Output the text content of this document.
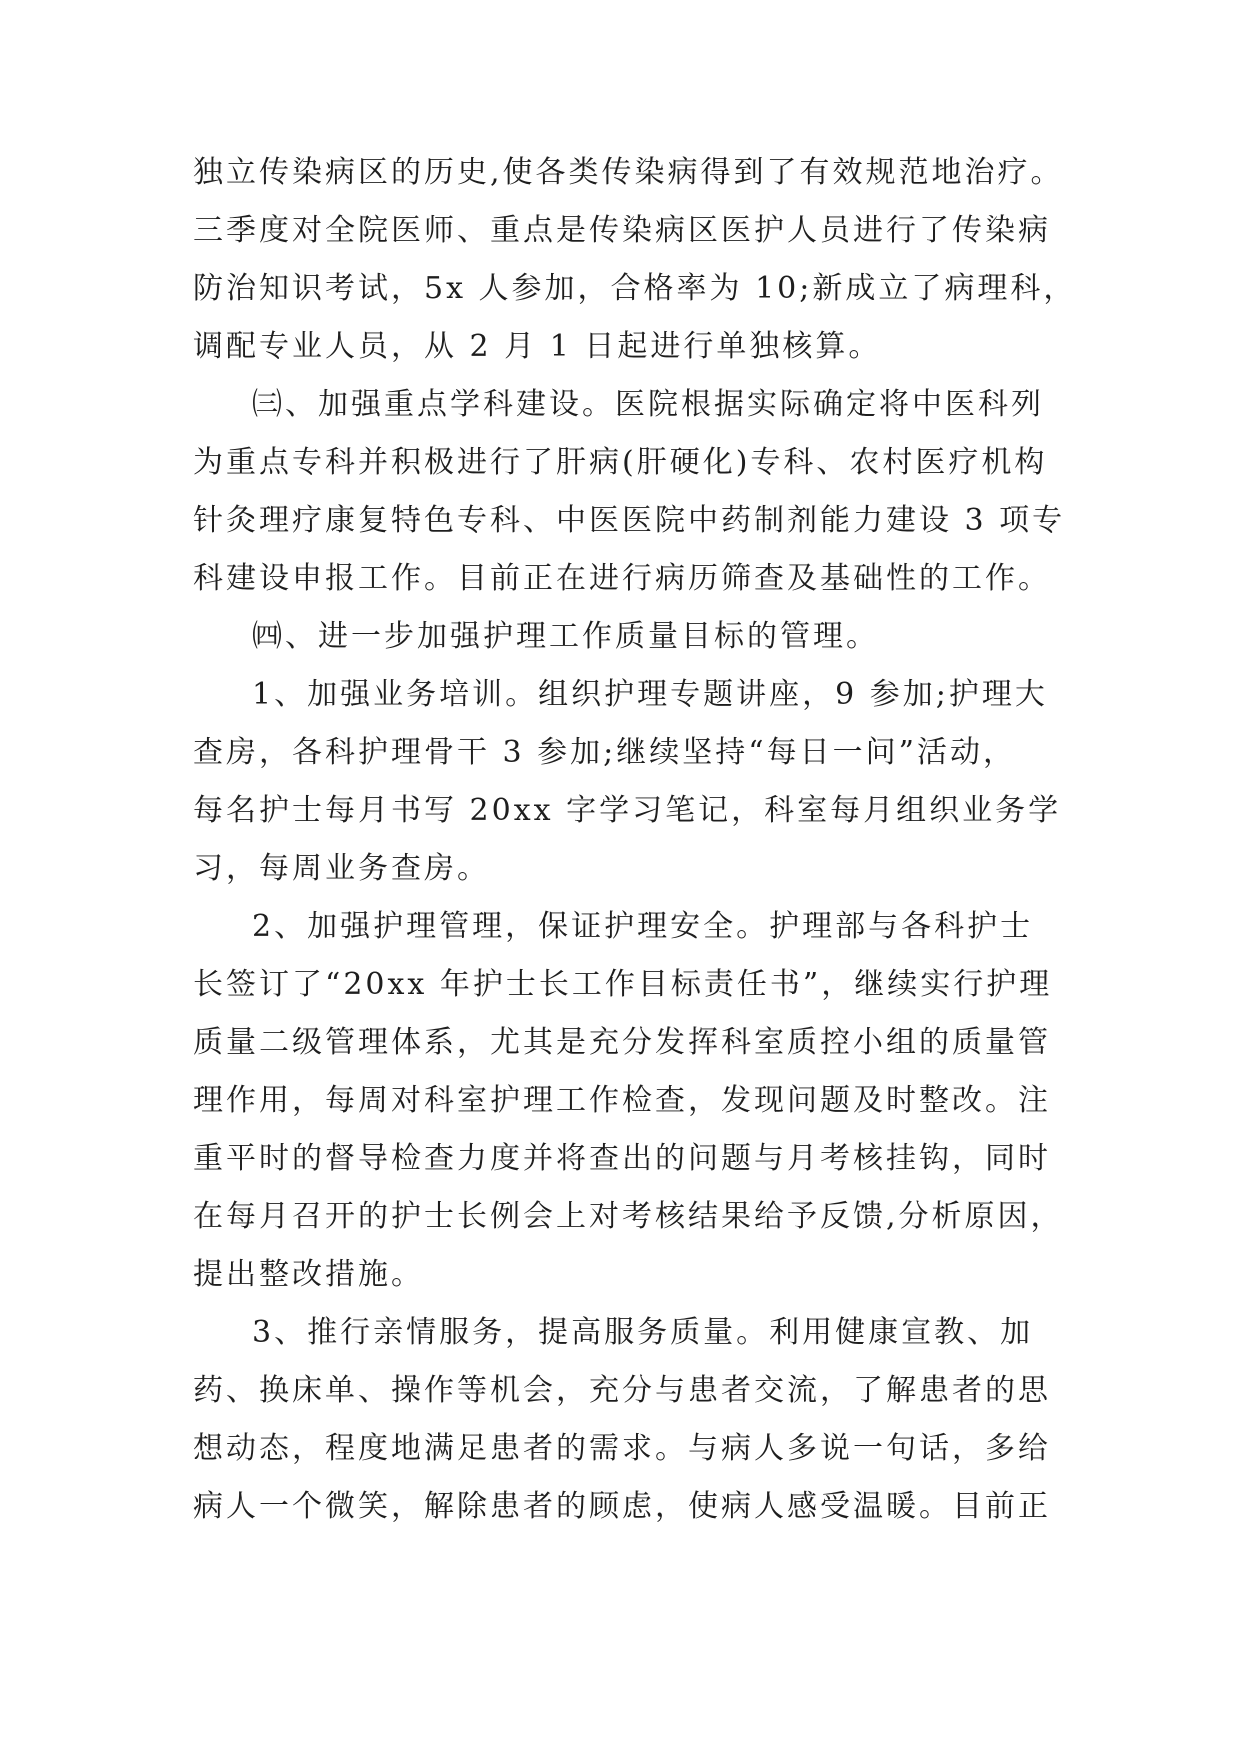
独立传染病区的历史,使各类传染病得到了有效规范地治疗。
三季度对全院医师、重点是传染病区医护人员进行了传染病
防治知识考试，5x 人参加，合格率为 10;新成立了病理科，
调配专业人员，从 2 月 1 日起进行单独核算。
㈢、加强重点学科建设。医院根据实际确定将中医科列
为重点专科并积极进行了肝病(肝硬化)专科、农村医疗机构
针灸理疗康复特色专科、中医医院中药制剂能力建设 3 项专
科建设申报工作。目前正在进行病历筛查及基础性的工作。
㈣、进一步加强护理工作质量目标的管理。
1、加强业务培训。组织护理专题讲座，9 参加;护理大
查房，各科护理骨干 3 参加;继续坚持“每日一问”活动，
每名护士每月书写 20xx 字学习笔记，科室每月组织业务学
习，每周业务查房。
2、加强护理管理，保证护理安全。护理部与各科护士
长签订了“20xx 年护士长工作目标责任书”，继续实行护理
质量二级管理体系，尤其是充分发挥科室质控小组的质量管
理作用，每周对科室护理工作检查，发现问题及时整改。注
重平时的督导检查力度并将查出的问题与月考核挂钩，同时
在每月召开的护士长例会上对考核结果给予反馈,分析原因，
提出整改措施。
3、推行亲情服务，提高服务质量。利用健康宣教、加
药、换床单、操作等机会，充分与患者交流，了解患者的思
想动态，程度地满足患者的需求。与病人多说一句话，多给
病人一个微笑，解除患者的顾虑，使病人感受温暖。目前正
